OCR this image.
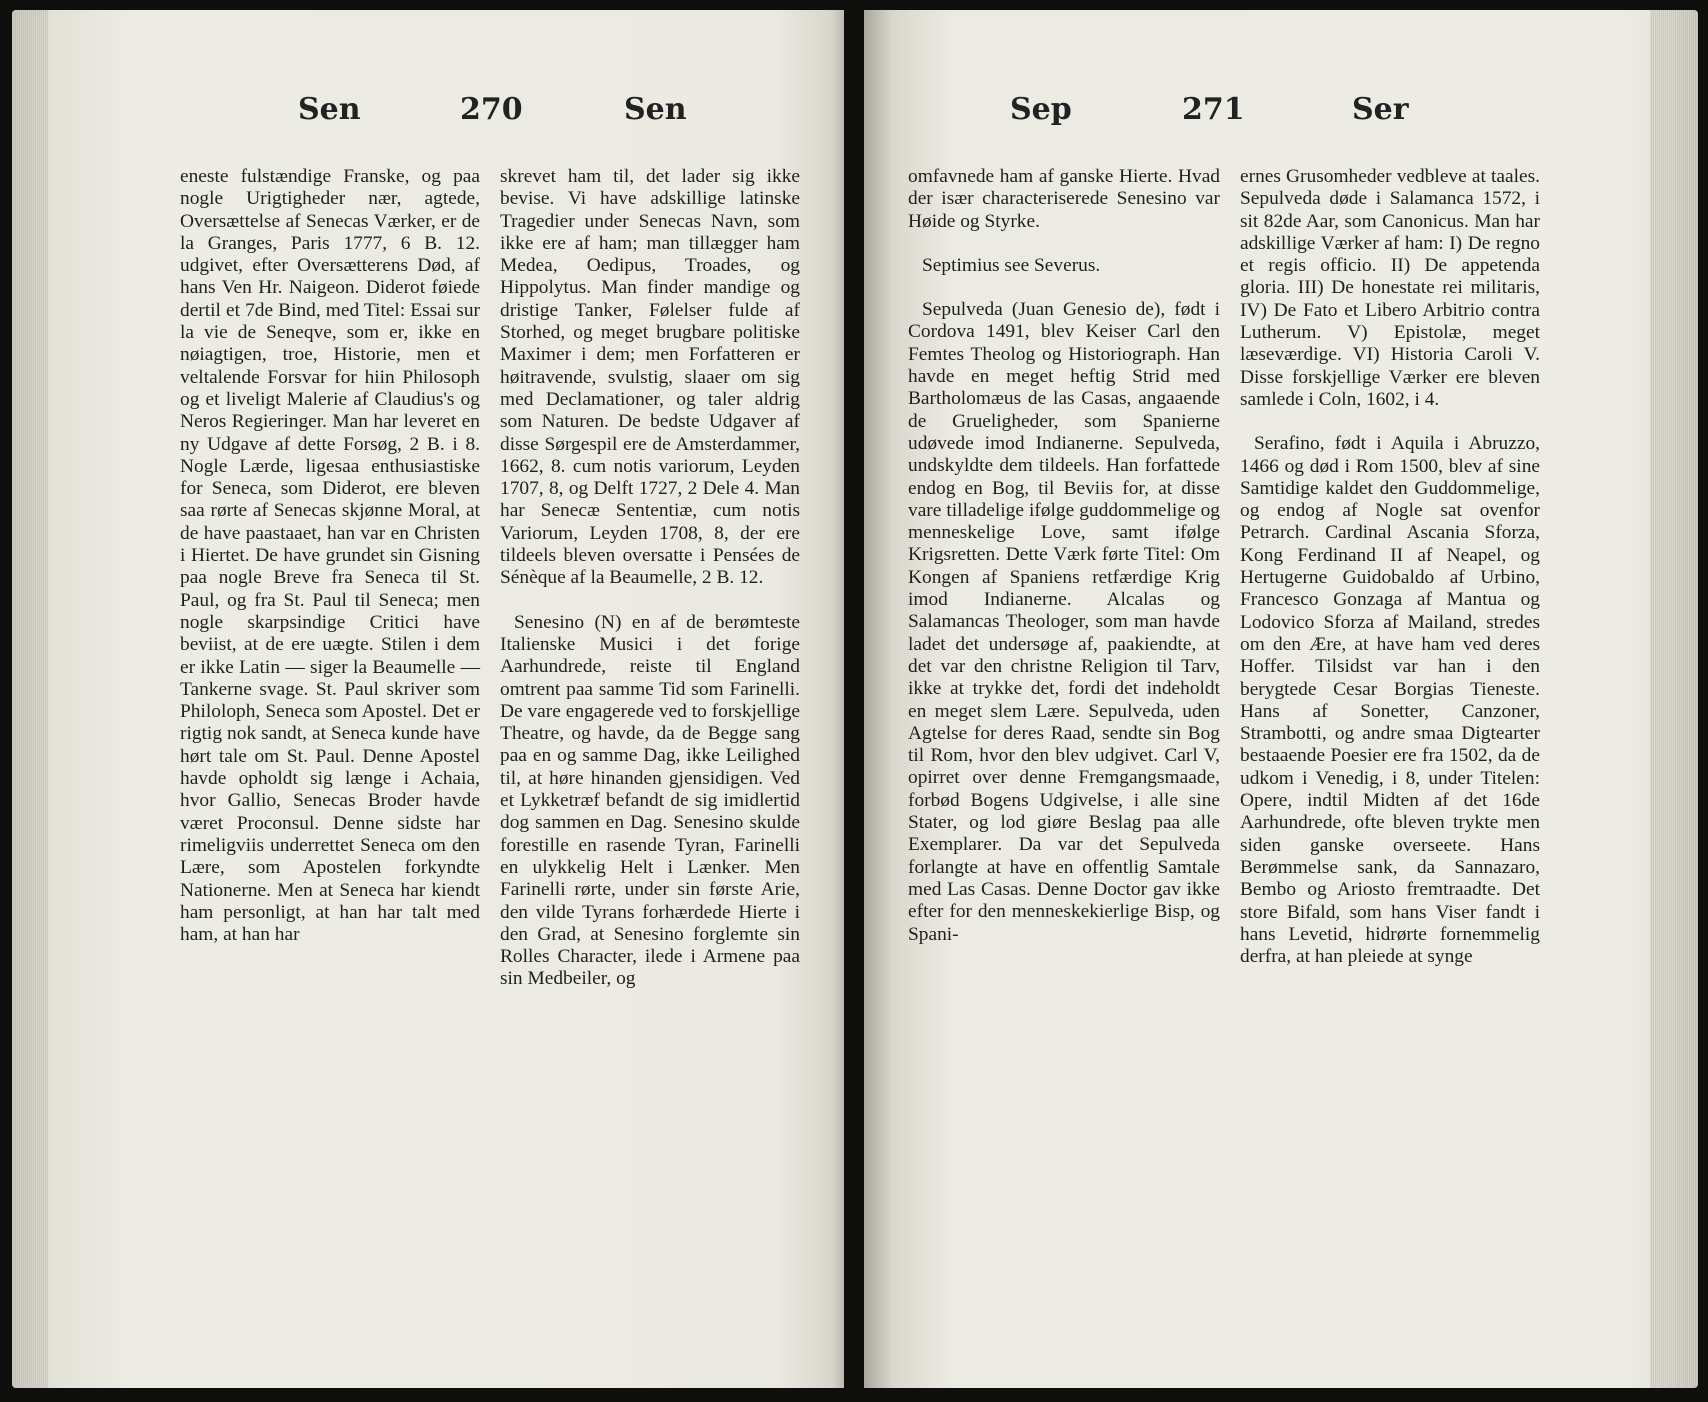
Sen	270	Sen

eneste fulstændige Franske, og paa nogle Urigtigheder nær, agtede, Oversættelse af Senecas Værker, er de la Granges, Paris 1777, 6 B. 12. udgivet, efter Oversætterens Død, af hans Ven Hr. Naigeon. Diderot føiede dertil et 7de Bind, med Titel: Essai sur la vie de Seneqve, som er, ikke en nøiagtigen, troe, Historie, men et veltalende Forsvar for hiin Philosoph og et liveligt Malerie af Claudius's og Neros Regieringer. Man har leveret en ny Udgave af dette Forsøg, 2 B. i 8. Nogle Lærde, ligesaa enthusiastiske for Seneca, som Diderot, ere bleven saa rørte af Senecas skjønne Moral, at de have paastaaet, han var en Christen i Hiertet. De have grundet sin Gisning paa nogle Breve fra Seneca til St. Paul, og fra St. Paul til Seneca; men nogle skarpsindige Critici have beviist, at de ere uægte. Stilen i dem er ikke Latin — siger la Beaumelle — Tankerne svage. St. Paul skriver som Philoloph, Seneca som Apostel. Det er rigtig nok sandt, at Seneca kunde have hørt tale om St. Paul. Denne Apostel havde opholdt sig længe i Achaia, hvor Gallio, Senecas Broder havde været Proconsul. Denne sidste har rimeligviis underrettet Seneca om den Lære, som Apostelen forkyndte Nationerne. Men at Seneca har kiendt ham personligt, at han har talt med ham, at han har

skrevet ham til, det lader sig ikke bevise. Vi have adskillige latinske Tragedier under Senecas Navn, som ikke ere af ham; man tillægger ham Medea, Oedipus, Troades, og Hippolytus. Man finder mandige og dristige Tanker, Følelser fulde af Storhed, og meget brugbare politiske Maximer i dem; men Forfatteren er høitravende, svulstig, slaaer om sig med Declamationer, og taler aldrig som Naturen. De bedste Udgaver af disse Sørgespil ere de Amsterdammer, 1662, 8. cum notis variorum, Leyden 1707, 8, og Delft 1727, 2 Dele 4. Man har Senecæ Sententiæ, cum notis Variorum, Leyden 1708, 8, der ere tildeels bleven oversatte i Pensées de Sénèque af la Beaumelle, 2 B. 12.

Senesino (N) en af de berømteste Italienske Musici i det forige Aarhundrede, reiste til England omtrent paa samme Tid som Farinelli. De vare engagerede ved to forskjellige Theatre, og havde, da de Begge sang paa en og samme Dag, ikke Leilighed til, at høre hinanden gjensidigen. Ved et Lykketræf befandt de sig imidlertid dog sammen en Dag. Senesino skulde forestille en rasende Tyran, Farinelli en ulykkelig Helt i Lænker. Men Farinelli rørte, under sin første Arie, den vilde Tyrans forhærdede Hierte i den Grad, at Senesino forglemte sin Rolles Character, ilede i Armene paa sin Medbeiler, og

Sep	271	Ser

omfavnede ham af ganske Hierte. Hvad der især characteriserede Senesino var Høide og Styrke.

Septimius see Severus.

Sepulveda (Juan Genesio de), født i Cordova 1491, blev Keiser Carl den Femtes Theolog og Historiograph. Han havde en meget heftig Strid med Bartholomæus de las Casas, angaaende de Grueligheder, som Spanierne udøvede imod Indianerne. Sepulveda, undskyldte dem tildeels. Han forfattede endog en Bog, til Beviis for, at disse vare tilladelige ifølge guddommelige og menneskelige Love, samt ifølge Krigsretten. Dette Værk førte Titel: Om Kongen af Spaniens retfærdige Krig imod Indianerne. Alcalas og Salamancas Theologer, som man havde ladet det undersøge af, paakiendte, at det var den christne Religion til Tarv, ikke at trykke det, fordi det indeholdt en meget slem Lære. Sepulveda, uden Agtelse for deres Raad, sendte sin Bog til Rom, hvor den blev udgivet. Carl V, opirret over denne Fremgangsmaade, forbød Bogens Udgivelse, i alle sine Stater, og lod giøre Beslag paa alle Exemplarer. Da var det Sepulveda forlangte at have en offentlig Samtale med Las Casas. Denne Doctor gav ikke efter for den menneskekierlige Bisp, og Spani-

ernes Grusomheder vedbleve at taales. Sepulveda døde i Salamanca 1572, i sit 82de Aar, som Canonicus. Man har adskillige Værker af ham: I) De regno et regis officio. II) De appetenda gloria. III) De honestate rei militaris, IV) De Fato et Libero Arbitrio contra Lutherum. V) Epistolæ, meget læseværdige. VI) Historia Caroli V. Disse forskjellige Værker ere bleven samlede i Coln, 1602, i 4.

Serafino, født i Aquila i Abruzzo, 1466 og død i Rom 1500, blev af sine Samtidige kaldet den Guddommelige, og endog af Nogle sat ovenfor Petrarch. Cardinal Ascania Sforza, Kong Ferdinand II af Neapel, og Hertugerne Guidobaldo af Urbino, Francesco Gonzaga af Mantua og Lodovico Sforza af Mailand, stredes om den Ære, at have ham ved deres Hoffer. Tilsidst var han i den berygtede Cesar Borgias Tieneste. Hans af Sonetter, Canzoner, Strambotti, og andre smaa Digtearter bestaaende Poesier ere fra 1502, da de udkom i Venedig, i 8, under Titelen: Opere, indtil Midten af det 16de Aarhundrede, ofte bleven trykte men siden ganske overseete. Hans Berømmelse sank, da Sannazaro, Bembo og Ariosto fremtraadte. Det store Bifald, som hans Viser fandt i hans Levetid, hidrørte fornemmelig derfra, at han pleiede at synge
